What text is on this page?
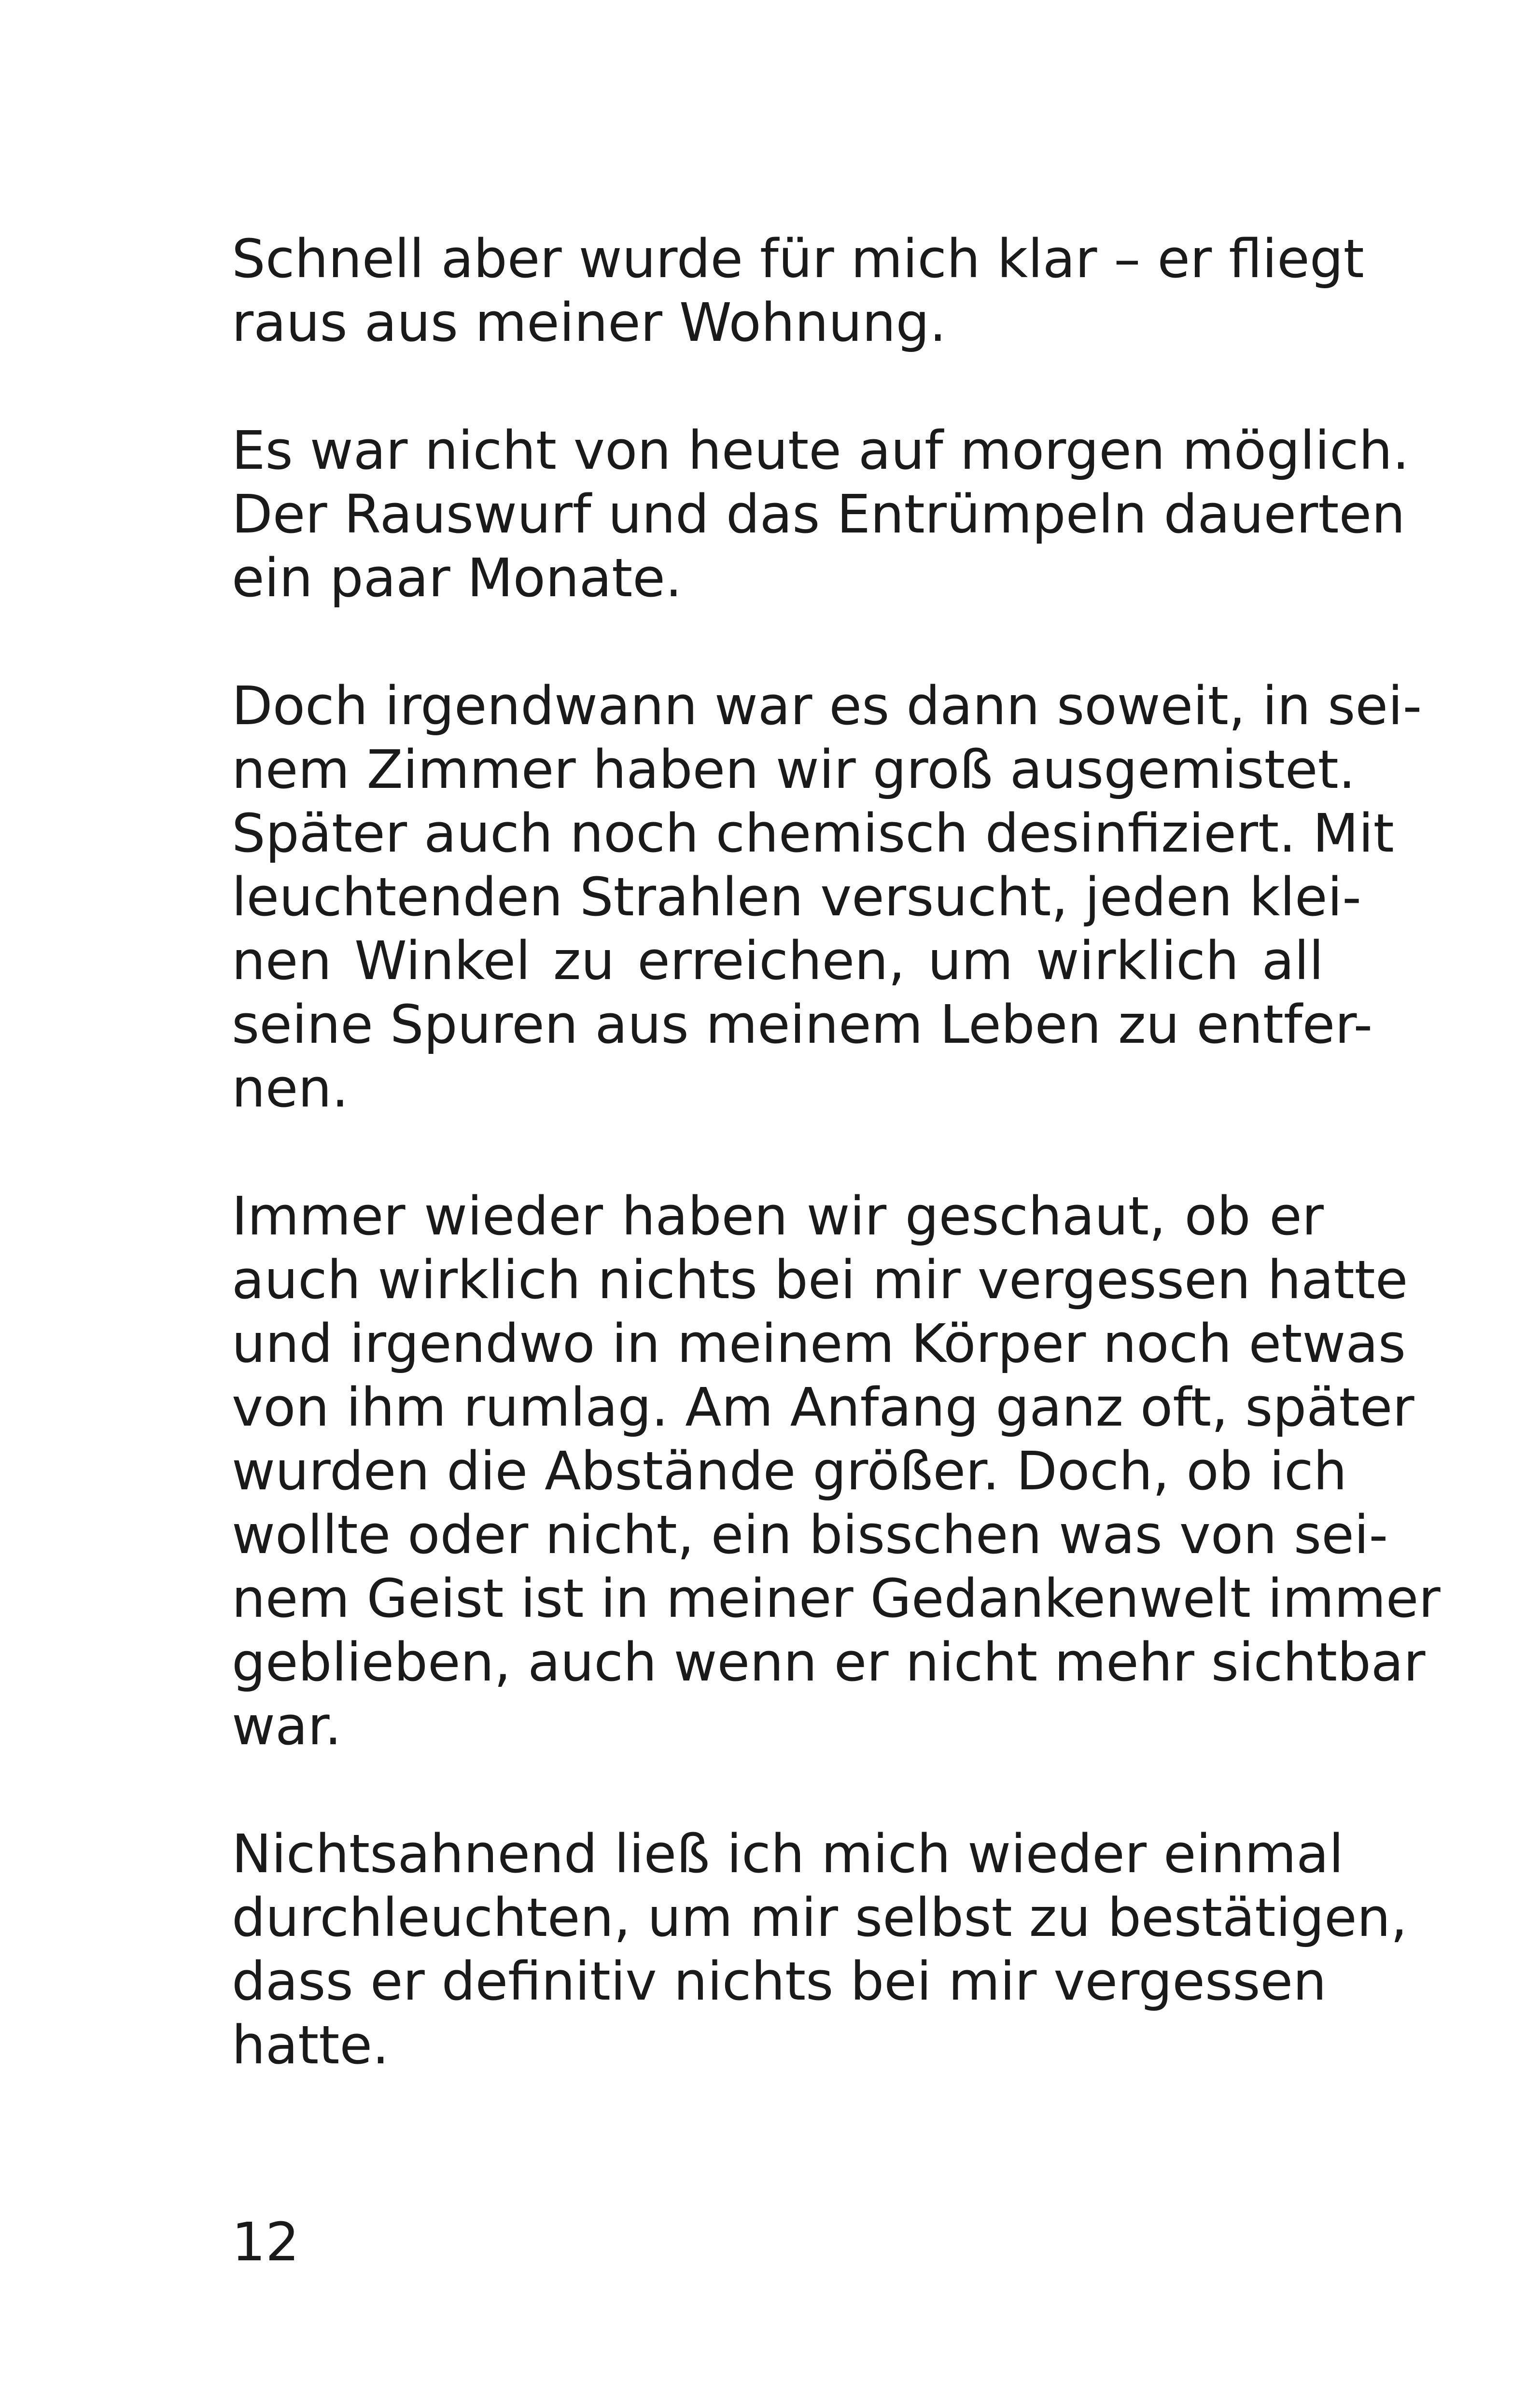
Schnell aber wurde für mich klar – er fliegt
raus aus meiner Wohnung.

Es war nicht von heute auf morgen möglich.
Der Rauswurf und das Entrümpeln dauerten
ein paar Monate.

Doch irgendwann war es dann soweit, in sei-
nem Zimmer haben wir groß ausgemistet.
Später auch noch chemisch desinfiziert. Mit
leuchtenden Strahlen versucht, jeden klei-
nen Winkel zu erreichen, um wirklich all
seine Spuren aus meinem Leben zu entfer-
nen.

Immer wieder haben wir geschaut, ob er
auch wirklich nichts bei mir vergessen hatte
und irgendwo in meinem Körper noch etwas
von ihm rumlag. Am Anfang ganz oft, später
wurden die Abstände größer. Doch, ob ich
wollte oder nicht, ein bisschen was von sei-
nem Geist ist in meiner Gedankenwelt immer
geblieben, auch wenn er nicht mehr sichtbar
war.

Nichtsahnend ließ ich mich wieder einmal
durchleuchten, um mir selbst zu bestätigen,
dass er definitiv nichts bei mir vergessen
hatte.

12
